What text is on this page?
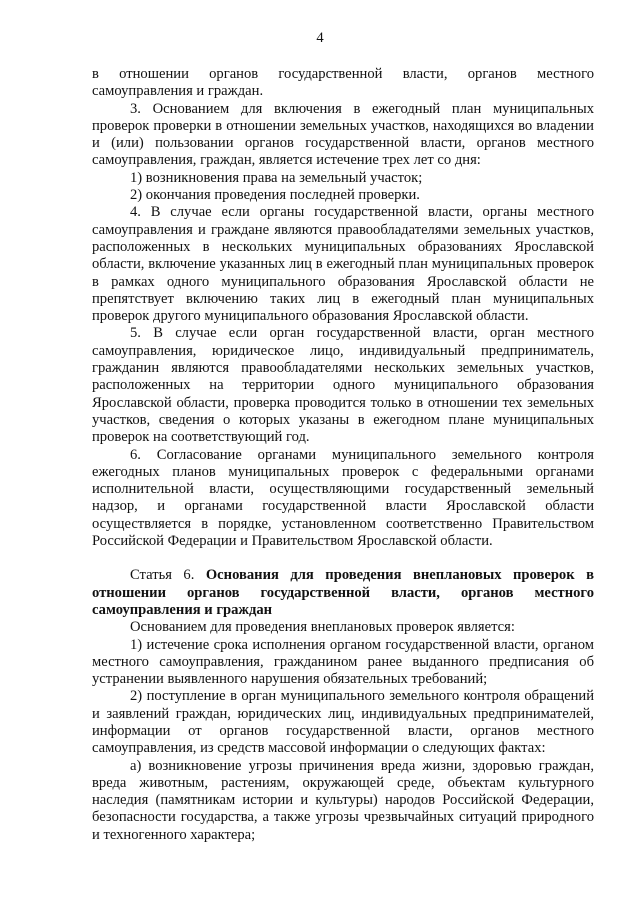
4

в отношении органов государственной власти, органов местного самоуправления и граждан.

3. Основанием для включения в ежегодный план муниципальных проверок проверки в отношении земельных участков, находящихся во владении и (или) пользовании органов государственной власти, органов местного самоуправления, граждан, является истечение трех лет со дня:

1) возникновения права на земельный участок;

2) окончания проведения последней проверки.

4. В случае если органы государственной власти, органы местного самоуправления и граждане являются правообладателями земельных участков, расположенных в нескольких муниципальных образованиях Ярославской области, включение указанных лиц в ежегодный план муниципальных проверок в рамках одного муниципального образования Ярославской области не препятствует включению таких лиц в ежегодный план муниципальных проверок другого муниципального образования Ярославской области.

5. В случае если орган государственной власти, орган местного самоуправления, юридическое лицо, индивидуальный предприниматель, гражданин являются правообладателями нескольких земельных участков, расположенных на территории одного муниципального образования Ярославской области, проверка проводится только в отношении тех земельных участков, сведения о которых указаны в ежегодном плане муниципальных проверок на соответствующий год.

6. Согласование органами муниципального земельного контроля ежегодных планов муниципальных проверок с федеральными органами исполнительной власти, осуществляющими государственный земельный надзор, и органами государственной власти Ярославской области осуществляется в порядке, установленном соответственно Правительством Российской Федерации и Правительством Ярославской области.

Статья 6. Основания для проведения внеплановых проверок в отношении органов государственной власти, органов местного самоуправления и граждан

Основанием для проведения внеплановых проверок является:

1) истечение срока исполнения органом государственной власти, органом местного самоуправления, гражданином ранее выданного предписания об устранении выявленного нарушения обязательных требований;

2) поступление в орган муниципального земельного контроля обращений и заявлений граждан, юридических лиц, индивидуальных предпринимателей, информации от органов государственной власти, органов местного самоуправления, из средств массовой информации о следующих фактах:

а) возникновение угрозы причинения вреда жизни, здоровью граждан, вреда животным, растениям, окружающей среде, объектам культурного наследия (памятникам истории и культуры) народов Российской Федерации, безопасности государства, а также угрозы чрезвычайных ситуаций природного и техногенного характера;
